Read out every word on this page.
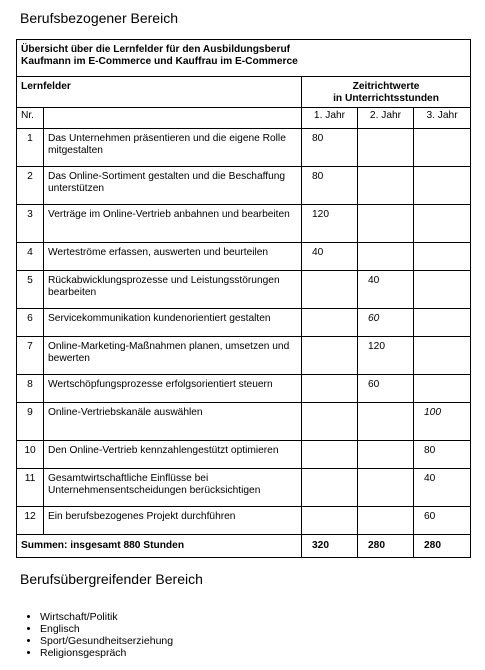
Berufsbezogener Bereich
Übersicht über die Lernfelder für den Ausbildungsberuf
Kaufmann im E-Commerce und Kauffrau im E-Commerce				
Lernfelder		Zeitrichtwerte
in Unterrichtsstunden		
Nr.		1. Jahr	2. Jahr	3. Jahr
1	Das Unternehmen präsentieren und die eigene Rolle mitgestalten	80		
2	Das Online-Sortiment gestalten und die Beschaffung unterstützen	80		
3	Verträge im Online-Vertrieb anbahnen und bearbeiten	120		
4	Werteströme erfassen, auswerten und beurteilen	40		
5	Rückabwicklungsprozesse und Leistungsstörungen bearbeiten		40	
6	Servicekommunikation kundenorientiert gestalten		60	
7	Online-Marketing-Maßnahmen planen, umsetzen und bewerten		120	
8	Wertschöpfungsprozesse erfolgsorientiert steuern		60	
9	Online-Vertriebskanäle auswählen			100
10	Den Online-Vertrieb kennzahlengestützt optimieren			80
11	Gesamtwirtschaftliche Einflüsse bei Unternehmensentscheidungen berücksichtigen			40
12	Ein berufsbezogenes Projekt durchführen			60
Summen: insgesamt 880 Stunden		320	280	280
Berufsübergreifender Bereich
• Wirtschaft/Politik
• Englisch
• Sport/Gesundheitserziehung
• Religionsgespräch
